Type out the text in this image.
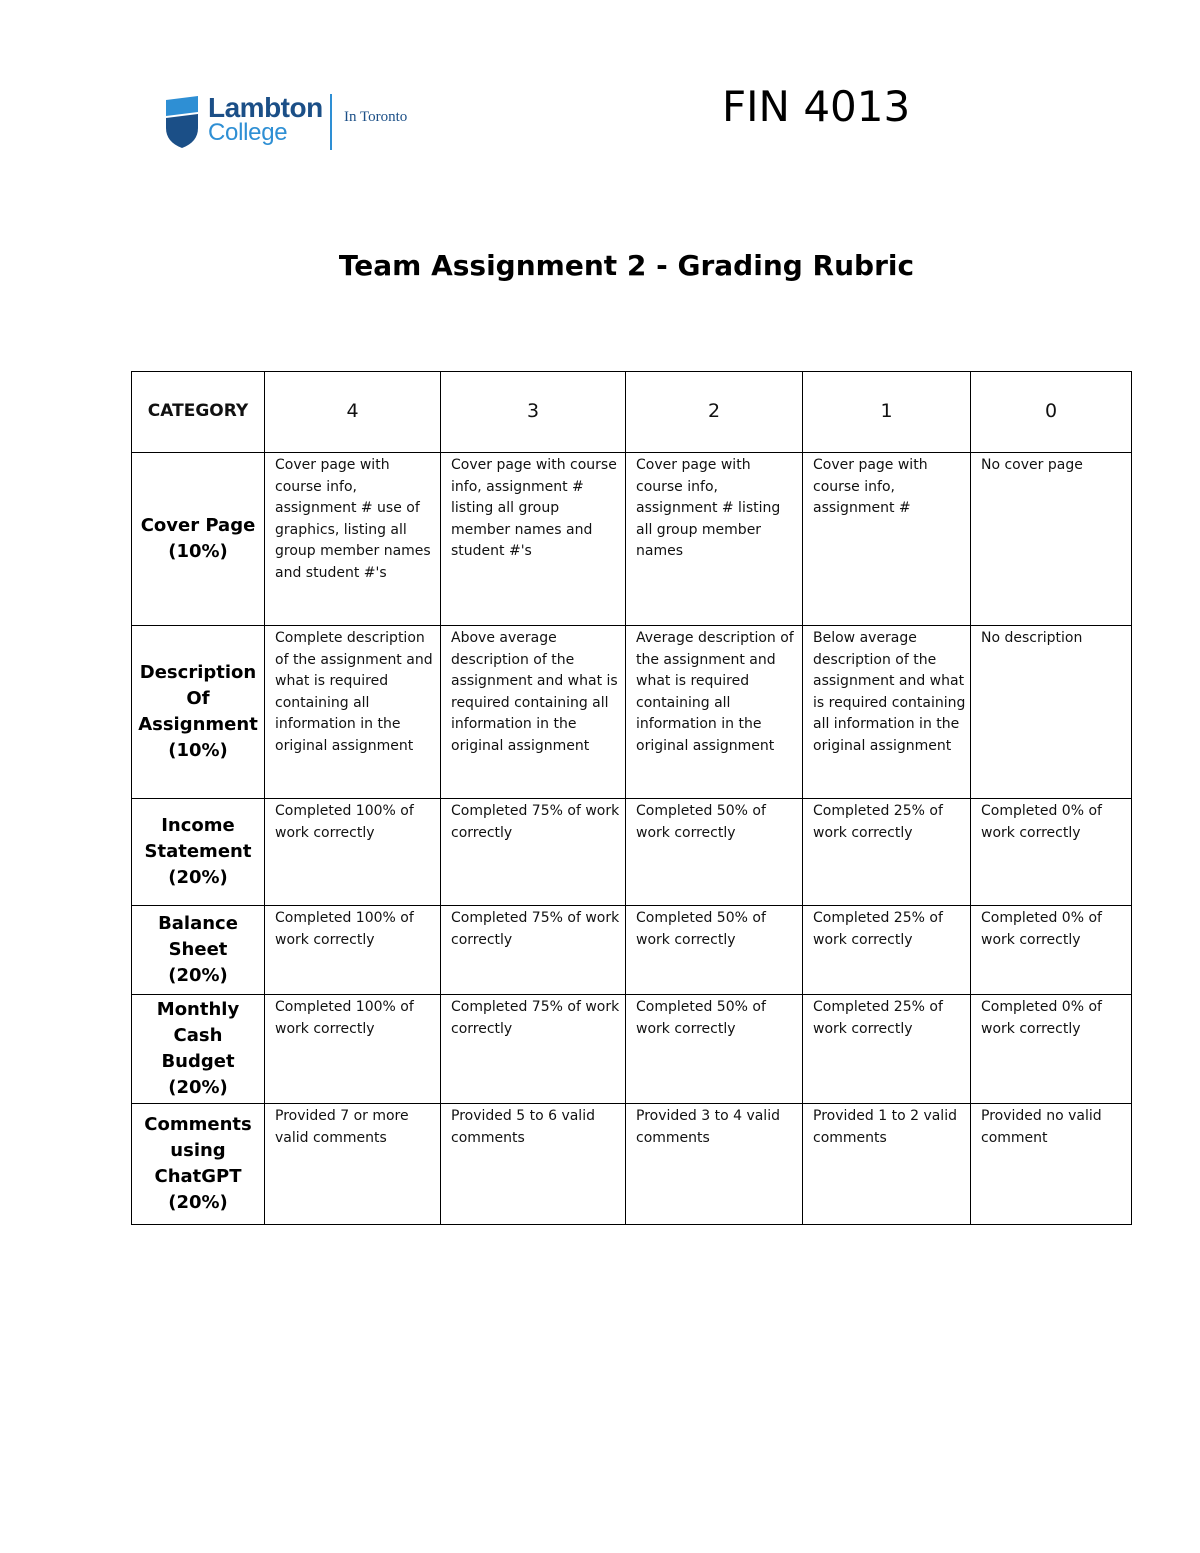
Lambton
College
In Toronto	FIN 4013
Team Assignment 2 - Grading Rubric
CATEGORY	4	3	2	1	0
Cover Page
(10%)	Cover page with course info, assignment # use of graphics, listing all group member names and student #'s	Cover page with course info, assignment # listing all group member names and student #'s	Cover page with course info, assignment # listing all group member names	Cover page with course info, assignment #	No cover page
Description
Of
Assignment
(10%)	Complete description of the assignment and what is required containing all information in the original assignment	Above average description of the assignment and what is required containing all information in the original assignment	Average description of the assignment and what is required containing all information in the original assignment	Below average description of the assignment and what is required containing all information in the original assignment	No description
Income
Statement
(20%)	Completed 100% of work correctly	Completed 75% of work correctly	Completed 50% of work correctly	Completed 25% of work correctly	Completed 0% of work correctly
Balance
Sheet
(20%)	Completed 100% of work correctly	Completed 75% of work correctly	Completed 50% of work correctly	Completed 25% of work correctly	Completed 0% of work correctly
Monthly
Cash Budget
(20%)	Completed 100% of work correctly	Completed 75% of work correctly	Completed 50% of work correctly	Completed 25% of work correctly	Completed 0% of work correctly
Comments
using
ChatGPT
(20%)	Provided 7 or more valid comments	Provided 5 to 6 valid comments	Provided 3 to 4 valid comments	Provided 1 to 2 valid comments	Provided no valid comment
